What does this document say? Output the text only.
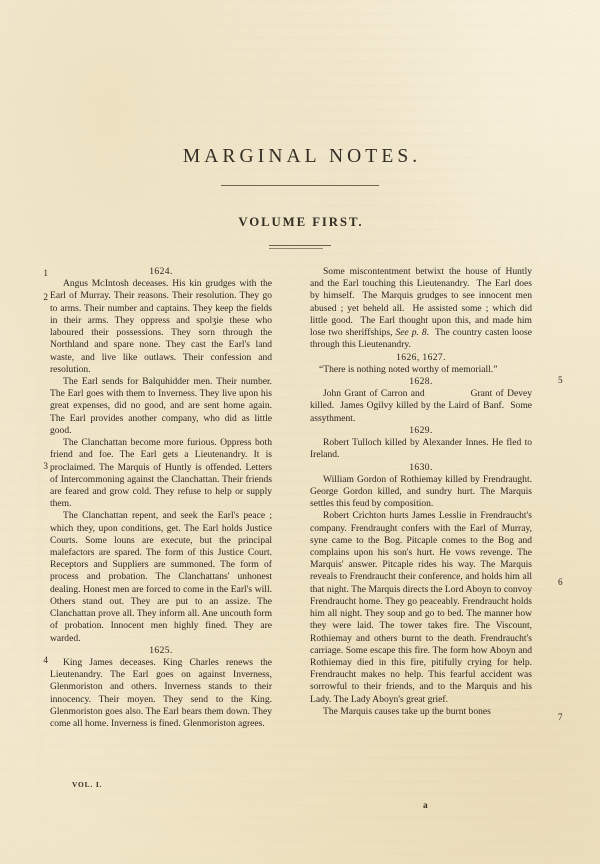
MARGINAL NOTES.
VOLUME FIRST.
1624.

Angus MᴄIntosh deceases. His kin grudges with the Earl of Murray. Their reasons. Their resolution. They go to arms. Their number and captains. They keep the fields in their arms. They oppress and spolʒie these who laboured their possessions. They sorn through the Northland and spare none. They cast the Earl's land waste, and live like outlaws. Their confession and resolution.

The Earl sends for Balquhidder men. Their number. The Earl goes with them to Inverness. They live upon his great expenses, did no good, and are sent home again. The Earl provides another company, who did as little good.

The Clanchattan become more furious. Oppress both friend and foe. The Earl gets a Lieutenandry. It is proclaimed. The Marquis of Huntly is offended. Letters of Intercommoning against the Clanchattan. Their friends are feared and grow cold. They refuse to help or supply them.

The Clanchattan repent, and seek the Earl's peace ; which they, upon conditions, get. The Earl holds Justice Courts. Some louns are execute, but the principal malefactors are spared. The form of this Justice Court. Receptors and Suppliers are summoned. The form of process and probation. The Clanchattans' unhonest dealing. Honest men are forced to come in the Earl's will. Others stand out. They are put to an assize. The Clanchattan prove all. They inform all. Ane uncouth form of probation. Innocent men highly fined. They are warded.

1625.

King James deceases. King Charles renews the Lieutenandry. The Earl goes on against Inverness, Glenmoriston and others. Inverness stands to their innocency. Their moyen. They send to the King. Glenmoriston goes also. The Earl bears them down. They come all home. Inverness is fined. Glenmoriston agrees.

Some miscontentment betwixt the house of Huntly and the Earl touching this Lieutenandry.  The Earl does by himself.  The Marquis grudges to see innocent men abused ; yet beheld all.  He assisted some ; which did little good.  The Earl thought upon this, and made him lose two sheriffships, See p. 8.  The country casten loose through this Lieutenandry.

1626, 1627.

“There is nothing noted worthy of memoriall.”

1628.

John Grant of Carron and	Grant of Devey killed.  James Ogilvy killed by the Laird of Banf.  Some assythment.

1629.

Robert Tulloch killed by Alexander Innes. He fled to Ireland.

1630.

William Gordon of Rothiemay killed by Frendraught. George Gordon killed, and sundry hurt. The Marquis settles this feud by composition.

Robert Crichton hurts James Lesslie in Frendraucht's company. Frendraught confers with the Earl of Murray, syne came to the Bog. Pitcaple comes to the Bog and complains upon his son's hurt. He vows revenge. The Marquis' answer. Pitcaple rides his way. The Marquis reveals to Frendraucht their conference, and holds him all that night. The Marquis directs the Lord Aboyn to convoy Frendraucht home. They go peaceably. Frendraucht holds him all night. They soup and go to bed. The manner how they were laid. The tower takes fire. The Viscount, Rothiemay and others burnt to the death. Frendraucht's carriage. Some escape this fire. The form how Aboyn and Rothiemay died in this fire, pitifully crying for help. Frendraucht makes no help. This fearful accident was sorrowful to their friends, and to the Marquis and his Lady. The Lady Aboyn's great grief.

The Marquis causes take up the burnt bones

1
2
3
4
5
6
7
VOL. I.
a
